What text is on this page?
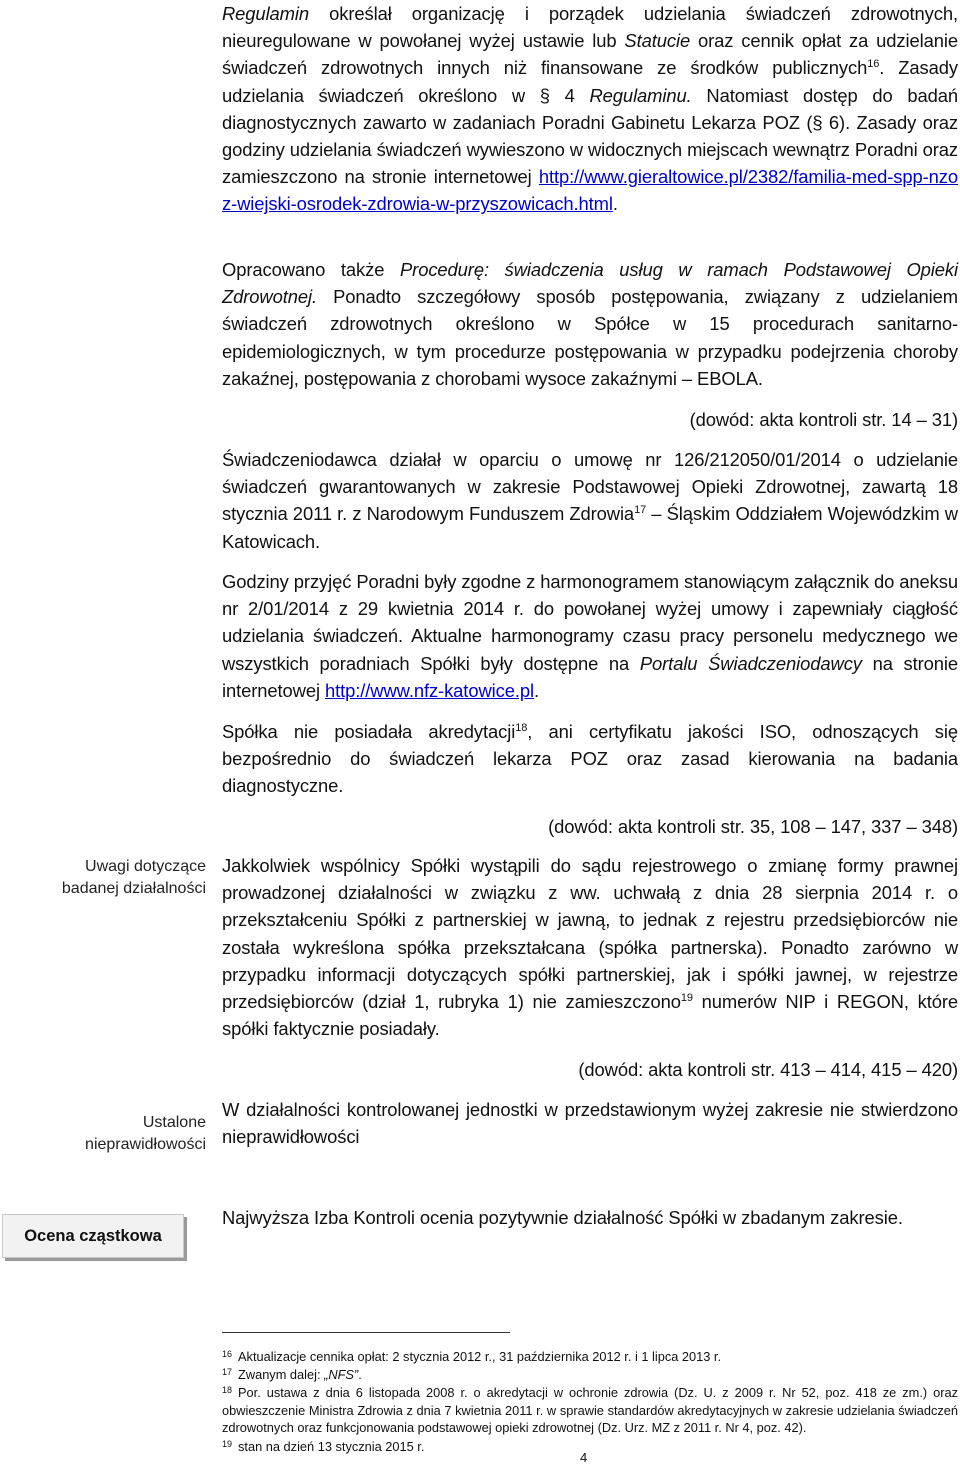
Regulamin określał organizację i porządek udzielania świadczeń zdrowotnych, nieuregulowane w powołanej wyżej ustawie lub Statucie oraz cennik opłat za udzielanie świadczeń zdrowotnych innych niż finansowane ze środków publicznych$^{16}$. Zasady udzielania świadczeń określono w § 4 Regulaminu. Natomiast dostęp do badań diagnostycznych zawarto w zadaniach Poradni Gabinetu Lekarza POZ (§ 6). Zasady oraz godziny udzielania świadczeń wywieszono w widocznych miejscach wewnątrz Poradni oraz zamieszczono na stronie internetowej http://www.gieraltowice.pl/2382/familia-med-spp-nzoz-wiejski-osrodek-zdrowia-w-przyszowicach.html.

Opracowano także Procedurę: świadczenia usług w ramach Podstawowej Opieki Zdrowotnej. Ponadto szczegółowy sposób postępowania, związany z udzielaniem świadczeń zdrowotnych określono w Spółce w 15 procedurach sanitarno-epidemiologicznych, w tym procedurze postępowania w przypadku podejrzenia choroby zakaźnej, postępowania z chorobami wysoce zakaźnymi – EBOLA.

(dowód: akta kontroli str. 14 – 31)

Świadczeniodawca działał w oparciu o umowę nr 126/212050/01/2014 o udzielanie świadczeń gwarantowanych w zakresie Podstawowej Opieki Zdrowotnej, zawartą 18 stycznia 2011 r. z Narodowym Funduszem Zdrowia$^{17}$ – Śląskim Oddziałem Wojewódzkim w Katowicach.

Godziny przyjęć Poradni były zgodne z harmonogramem stanowiącym załącznik do aneksu nr 2/01/2014 z 29 kwietnia 2014 r. do powołanej wyżej umowy i zapewniały ciągłość udzielania świadczeń. Aktualne harmonogramy czasu pracy personelu medycznego we wszystkich poradniach Spółki były dostępne na Portalu Świadczeniodawcy na stronie internetowej http://www.nfz-katowice.pl.

Spółka nie posiadała akredytacji$^{18}$, ani certyfikatu jakości ISO, odnoszących się bezpośrednio do świadczeń lekarza POZ oraz zasad kierowania na badania diagnostyczne.

(dowód: akta kontroli str. 35, 108 – 147, 337 – 348)

Jakkolwiek wspólnicy Spółki wystąpili do sądu rejestrowego o zmianę formy prawnej prowadzonej działalności w związku z ww. uchwałą z dnia 28 sierpnia 2014 r. o przekształceniu Spółki z partnerskiej w jawną, to jednak z rejestru przedsiębiorców nie została wykreślona spółka przekształcana (spółka partnerska). Ponadto zarówno w przypadku informacji dotyczących spółki partnerskiej, jak i spółki jawnej, w rejestrze przedsiębiorców (dział 1, rubryka 1) nie zamieszczono$^{19}$ numerów NIP i REGON, które spółki faktycznie posiadały.

(dowód: akta kontroli str. 413 – 414, 415 – 420)

W działalności kontrolowanej jednostki w przedstawionym wyżej zakresie nie stwierdzono nieprawidłowości

Najwyższa Izba Kontroli ocenia pozytywnie działalność Spółki w zbadanym zakresie.

Uwagi dotyczące
badanej działalności
Ustalone
nieprawidłowości
Ocena cząstkowa
$^{16}$ Aktualizacje cennika opłat: 2 stycznia 2012 r., 31 października 2012 r. i 1 lipca 2013 r.
$^{17}$ Zwanym dalej: „NFS”.
$^{18}$ Por. ustawa z dnia 6 listopada 2008 r. o akredytacji w ochronie zdrowia (Dz. U. z 2009 r. Nr 52, poz. 418 ze zm.) oraz obwieszczenie Ministra Zdrowia z dnia 7 kwietnia 2011 r. w sprawie standardów akredytacyjnych w zakresie udzielania świadczeń zdrowotnych oraz funkcjonowania podstawowej opieki zdrowotnej (Dz. Urz. MZ z 2011 r. Nr 4, poz. 42).
$^{19}$ stan na dzień 13 stycznia 2015 r.
4
